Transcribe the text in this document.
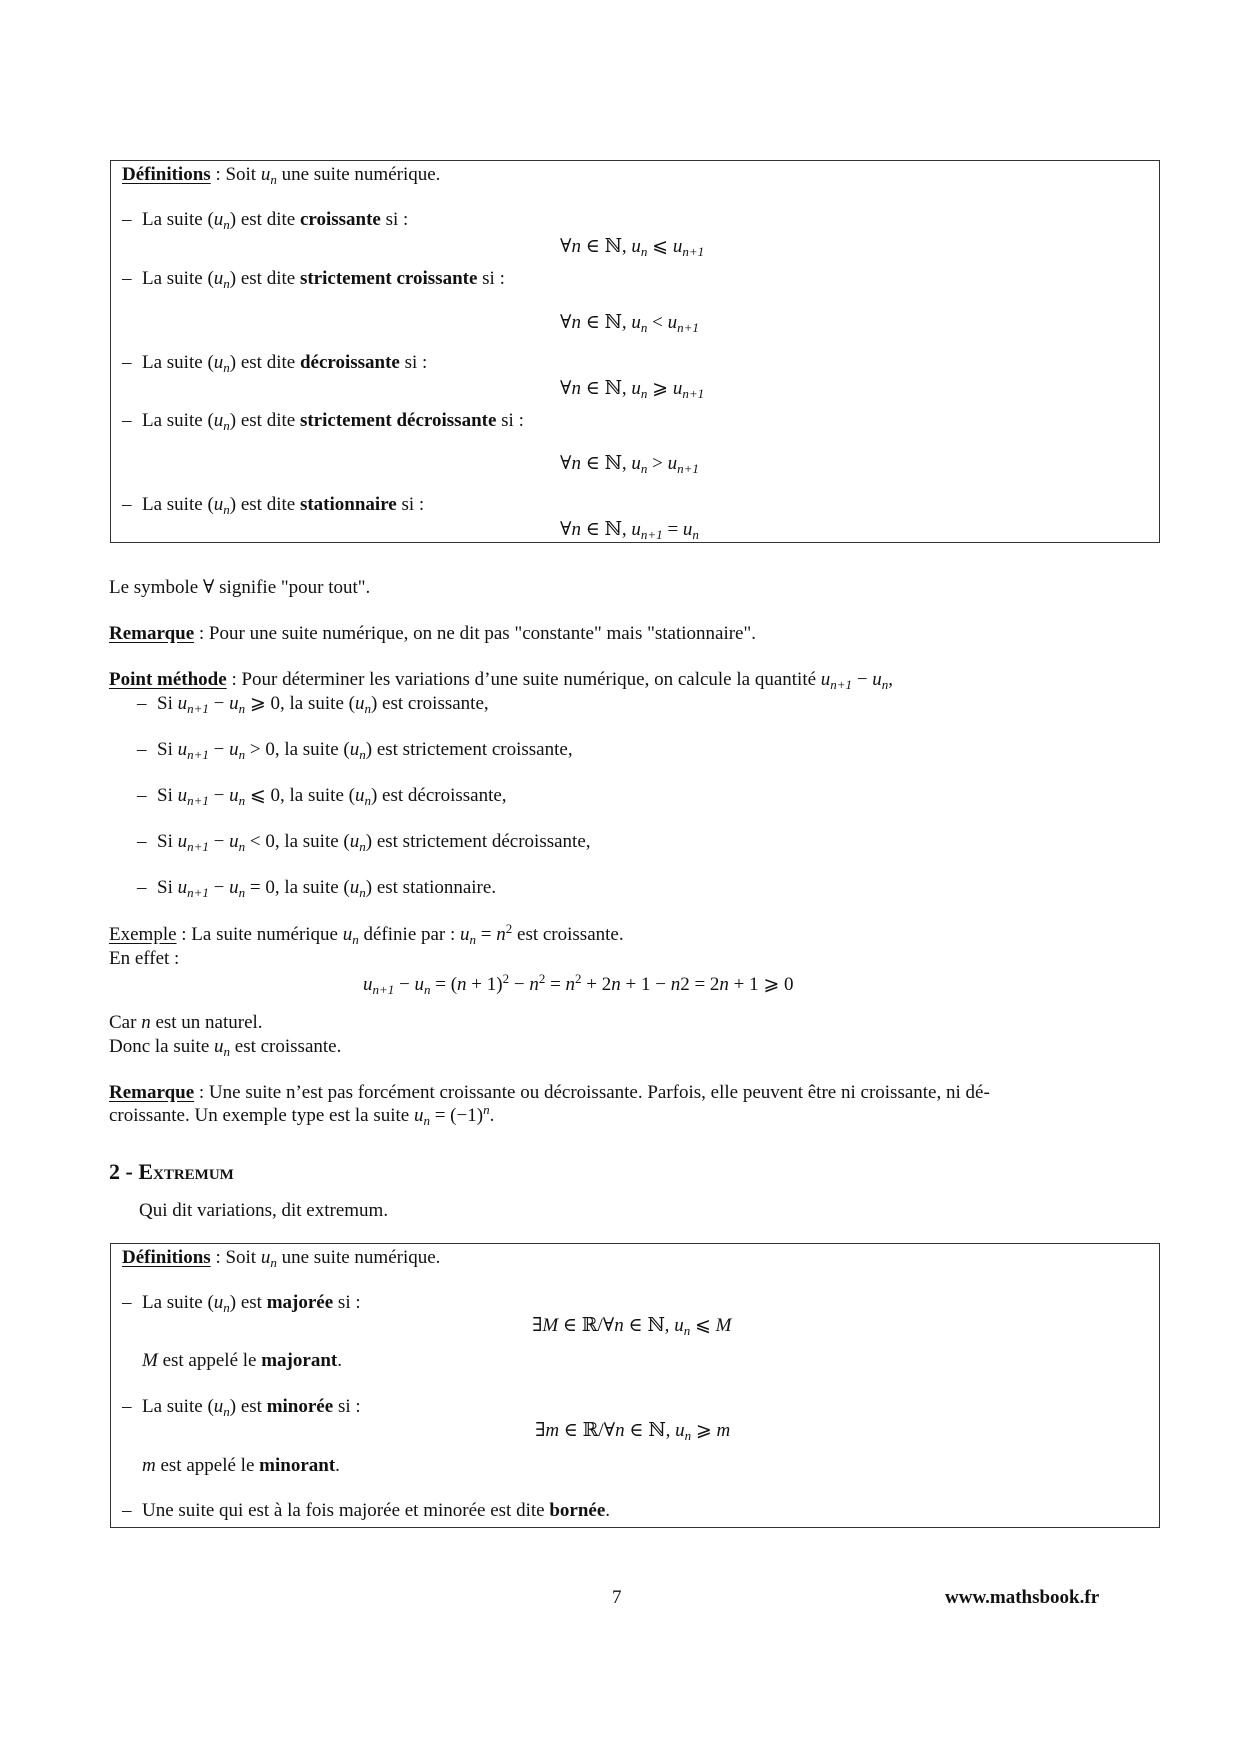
Définitions : Soit $u_n$ une suite numérique.
– La suite $(u_n)$ est dite croissante si :
∀n ∈ ℕ, $u_n$ ⩽ $u_{n+1}$
– La suite $(u_n)$ est dite strictement croissante si :
∀n ∈ ℕ, $u_n < u_{n+1}$
– La suite $(u_n)$ est dite décroissante si :
∀n ∈ ℕ, $u_n$ ⩾ $u_{n+1}$
– La suite $(u_n)$ est dite strictement décroissante si :
∀n ∈ ℕ, $u_n > u_{n+1}$
– La suite $(u_n)$ est dite stationnaire si :
∀n ∈ ℕ, $u_{n+1} = u_n$
Le symbole ∀ signifie "pour tout".
Remarque : Pour une suite numérique, on ne dit pas "constante" mais "stationnaire".
Point méthode : Pour déterminer les variations d’une suite numérique, on calcule la quantité $u_{n+1} - u_n$,
– Si $u_{n+1} - u_n$ ⩾ 0, la suite $(u_n)$ est croissante,
– Si $u_{n+1} - u_n > 0$, la suite $(u_n)$ est strictement croissante,
– Si $u_{n+1} - u_n$ ⩽ 0, la suite $(u_n)$ est décroissante,
– Si $u_{n+1} - u_n < 0$, la suite $(u_n)$ est strictement décroissante,
– Si $u_{n+1} - u_n = 0$, la suite $(u_n)$ est stationnaire.
Exemple : La suite numérique $u_n$ définie par : $u_n = n^2$ est croissante.
En effet :
$u_{n+1} - u_n = (n + 1)^2 - n^2 = n^2 + 2n + 1 - n2 = 2n + 1$ ⩾ 0
Car n est un naturel.
Donc la suite $u_n$ est croissante.
Remarque : Une suite n’est pas forcément croissante ou décroissante. Parfois, elle peuvent être ni croissante, ni dé-
croissante. Un exemple type est la suite $u_n = (-1)^n$.
2 - Extremum
Qui dit variations, dit extremum.
Définitions : Soit $u_n$ une suite numérique.
– La suite $(u_n)$ est majorée si :
∃M ∈ ℝ/∀n ∈ ℕ, $u_n$ ⩽ M
M est appelé le majorant.
– La suite $(u_n)$ est minorée si :
∃m ∈ ℝ/∀n ∈ ℕ, $u_n$ ⩾ m
m est appelé le minorant.
– Une suite qui est à la fois majorée et minorée est dite bornée.
7	www.mathsbook.fr
